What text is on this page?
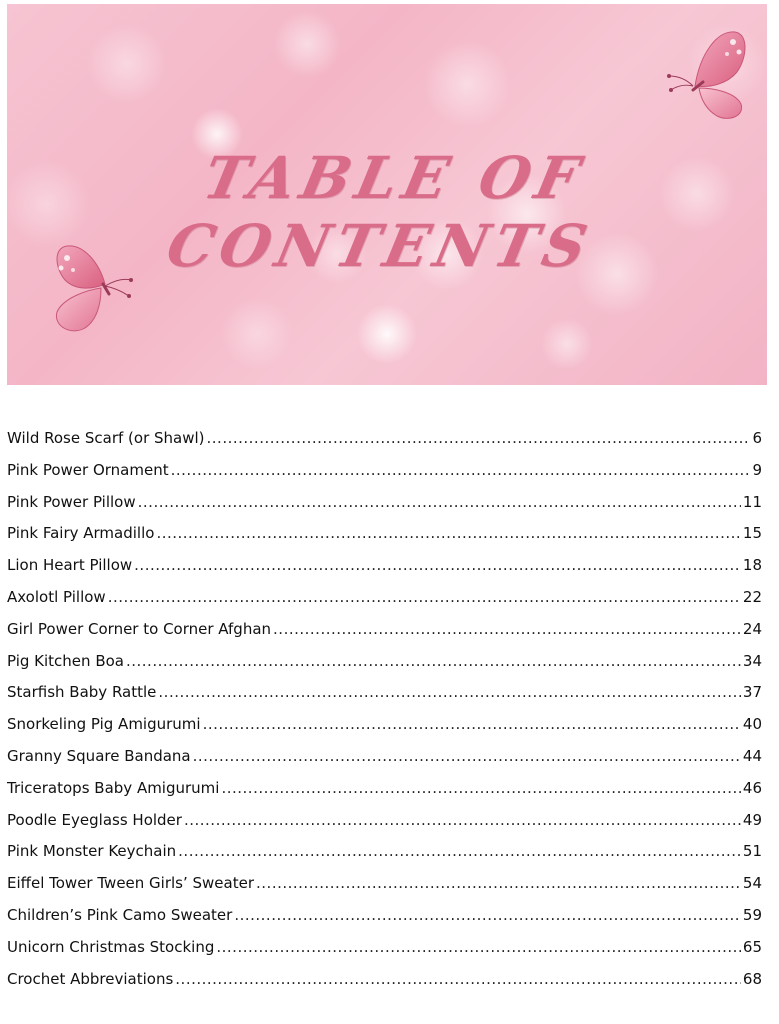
TABLE OF CONTENTS
Wild Rose Scarf (or Shawl) .....	6
Pink Power Ornament .....	9
Pink Power Pillow .....	11
Pink Fairy Armadillo .....	15
Lion Heart Pillow .....	18
Axolotl Pillow .....	22
Girl Power Corner to Corner Afghan .....	24
Pig Kitchen Boa .....	34
Starfish Baby Rattle .....	37
Snorkeling Pig Amigurumi .....	40
Granny Square Bandana .....	44
Triceratops Baby Amigurumi .....	46
Poodle Eyeglass Holder .....	49
Pink Monster Keychain .....	51
Eiffel Tower Tween Girls’ Sweater .....	54
Children’s Pink Camo Sweater .....	59
Unicorn Christmas Stocking .....	65
Crochet Abbreviations .....	68
